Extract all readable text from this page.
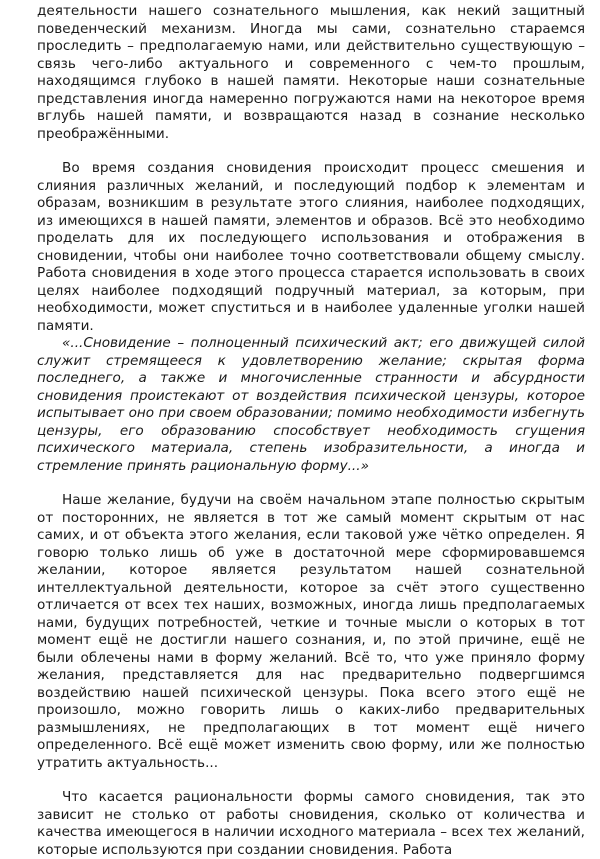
деятельности нашего сознательного мышления, как некий защитный поведенческий механизм. Иногда мы сами, сознательно стараемся проследить – предполагаемую нами, или действительно существующую – связь чего-либо актуального и современного с чем-то прошлым, находящимся глубоко в нашей памяти. Некоторые наши сознательные представления иногда намеренно погружаются нами на некоторое время вглубь нашей памяти, и возвращаются назад в сознание несколько преображёнными.

Во время создания сновидения происходит процесс смешения и слияния различных желаний, и последующий подбор к элементам и образам, возникшим в результате этого слияния, наиболее подходящих, из имеющихся в нашей памяти, элементов и образов. Всё это необходимо проделать для их последующего использования и отображения в сновидении, чтобы они наиболее точно соответствовали общему смыслу. Работа сновидения в ходе этого процесса старается использовать в своих целях наиболее подходящий подручный материал, за которым, при необходимости, может спуститься и в наиболее удаленные уголки нашей памяти.

«...Сновидение – полноценный психический акт; его движущей силой служит стремящееся к удовлетворению желание; скрытая форма последнего, а также и многочисленные странности и абсурдности сновидения проистекают от воздействия психической цензуры, которое испытывает оно при своем образовании; помимо необходимости избегнуть цензуры, его образованию способствует необходимость сгущения психического материала, степень изобразительности, а иногда и стремление принять рациональную форму...»

Наше желание, будучи на своём начальном этапе полностью скрытым от посторонних, не является в тот же самый момент скрытым от нас самих, и от объекта этого желания, если таковой уже чётко определен. Я говорю только лишь об уже в достаточной мере сформировавшемся желании, которое является результатом нашей сознательной интеллектуальной деятельности, которое за счёт этого существенно отличается от всех тех наших, возможных, иногда лишь предполагаемых нами, будущих потребностей, четкие и точные мысли о которых в тот момент ещё не достигли нашего сознания, и, по этой причине, ещё не были облечены нами в форму желаний. Всё то, что уже приняло форму желания, представляется для нас предварительно подвергшимся воздействию нашей психической цензуры. Пока всего этого ещё не произошло, можно говорить лишь о каких-либо предварительных размышлениях, не предполагающих в тот момент ещё ничего определенного. Всё ещё может изменить свою форму, или же полностью утратить актуальность...

Что касается рациональности формы самого сновидения, так это зависит не столько от работы сновидения, сколько от количества и качества имеющегося в наличии исходного материала – всех тех желаний, которые используются при создании сновидения. Работа
